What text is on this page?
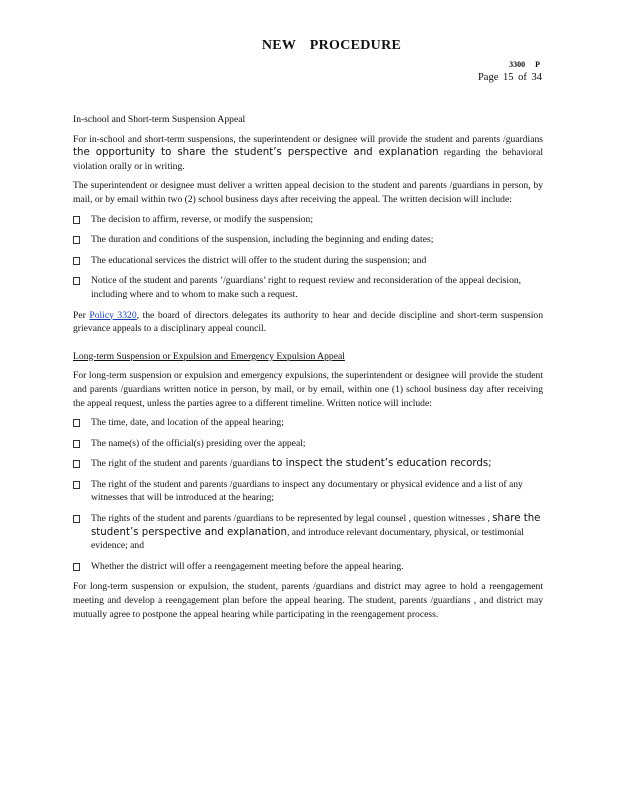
NEW PROCEDURE
3300 P
Page 15 of 34
In-school and Short-term Suspension Appeal

For in-school and short-term suspensions, the superintendent or designee will provide the student and parents /guardians the opportunity to share the student’s perspective and explanation regarding the behavioral violation orally or in writing.

The superintendent or designee must deliver a written appeal decision to the student and parents /guardians in person, by mail, or by email within two (2) school business days after receiving the appeal. The written decision will include:

The decision to affirm, reverse, or modify the suspension;
The duration and conditions of the suspension, including the beginning and ending dates;
The educational services the district will offer to the student during the suspension; and
Notice of the student and parents ’/guardians’ right to request review and reconsideration of the appeal decision, including where and to whom to make such a request.

Per Policy 3320, the board of directors delegates its authority to hear and decide discipline and short-term suspension grievance appeals to a disciplinary appeal council.

Long-term Suspension or Expulsion and Emergency Expulsion Appeal

For long-term suspension or expulsion and emergency expulsions, the superintendent or designee will provide the student and parents /guardians written notice in person, by mail, or by email, within one (1) school business day after receiving the appeal request, unless the parties agree to a different timeline. Written notice will include:

The time, date, and location of the appeal hearing;
The name(s) of the official(s) presiding over the appeal;
The right of the student and parents /guardians to inspect the student’s education records;
The right of the student and parents /guardians to inspect any documentary or physical evidence and a list of any witnesses that will be introduced at the hearing;
The rights of the student and parents /guardians to be represented by legal counsel , question witnesses , share the student’s perspective and explanation, and introduce relevant documentary, physical, or testimonial evidence; and
Whether the district will offer a reengagement meeting before the appeal hearing.

For long-term suspension or expulsion, the student, parents /guardians and district may agree to hold a reengagement meeting and develop a reengagement plan before the appeal hearing. The student, parents /guardians , and district may mutually agree to postpone the appeal hearing while participating in the reengagement process.
